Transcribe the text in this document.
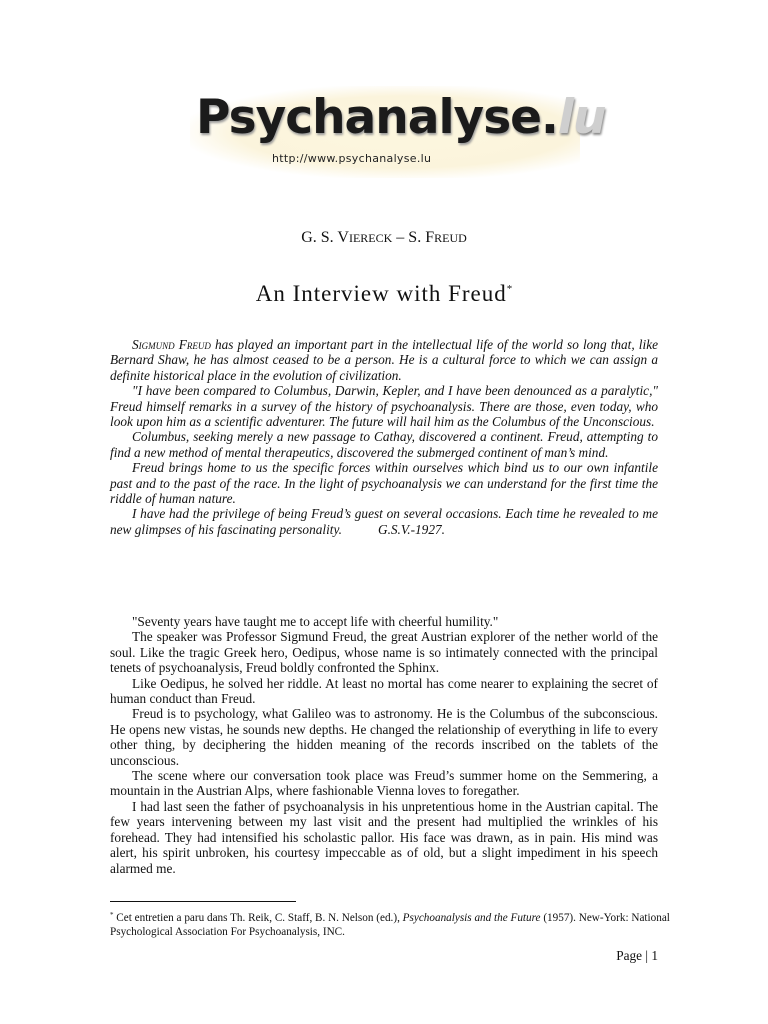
Psychanalyse.lu
http://www.psychanalyse.lu
G. S. VIERECK – S. FREUD
An Interview with Freud*

Sigmund Freud has played an important part in the intellectual life of the world so long that, like Bernard Shaw, he has almost ceased to be a person. He is a cultural force to which we can assign a definite historical place in the evolution of civilization.

"I have been compared to Columbus, Darwin, Kepler, and I have been denounced as a paralytic," Freud himself remarks in a survey of the history of psychoanalysis. There are those, even today, who look upon him as a scientific adventurer. The future will hail him as the Columbus of the Unconscious.

Columbus, seeking merely a new passage to Cathay, discovered a continent. Freud, attempting to find a new method of mental therapeutics, discovered the submerged continent of man’s mind.

Freud brings home to us the specific forces within ourselves which bind us to our own infantile past and to the past of the race. In the light of psychoanalysis we can understand for the first time the riddle of human nature.

I have had the privilege of being Freud’s guest on several occasions. Each time he revealed to me new glimpses of his fascinating personality.	G.S.V.-1927.

"Seventy years have taught me to accept life with cheerful humility."

The speaker was Professor Sigmund Freud, the great Austrian explorer of the nether world of the soul. Like the tragic Greek hero, Oedipus, whose name is so intimately connected with the principal tenets of psychoanalysis, Freud boldly confronted the Sphinx.

Like Oedipus, he solved her riddle. At least no mortal has come nearer to explaining the secret of human conduct than Freud.

Freud is to psychology, what Galileo was to astronomy. He is the Columbus of the subconscious. He opens new vistas, he sounds new depths. He changed the relationship of everything in life to every other thing, by deciphering the hidden meaning of the records inscribed on the tablets of the unconscious.

The scene where our conversation took place was Freud’s summer home on the Semmering, a mountain in the Austrian Alps, where fashionable Vienna loves to foregather.

I had last seen the father of psychoanalysis in his unpretentious home in the Austrian capital. The few years intervening between my last visit and the present had multiplied the wrinkles of his forehead. They had intensified his scholastic pallor. His face was drawn, as in pain. His mind was alert, his spirit unbroken, his courtesy impeccable as of old, but a slight impediment in his speech alarmed me.

* Cet entretien a paru dans Th. Reik, C. Staff, B. N. Nelson (ed.), Psychoanalysis and the Future (1957). New-York: National Psychological Association For Psychoanalysis, INC.
Page | 1
